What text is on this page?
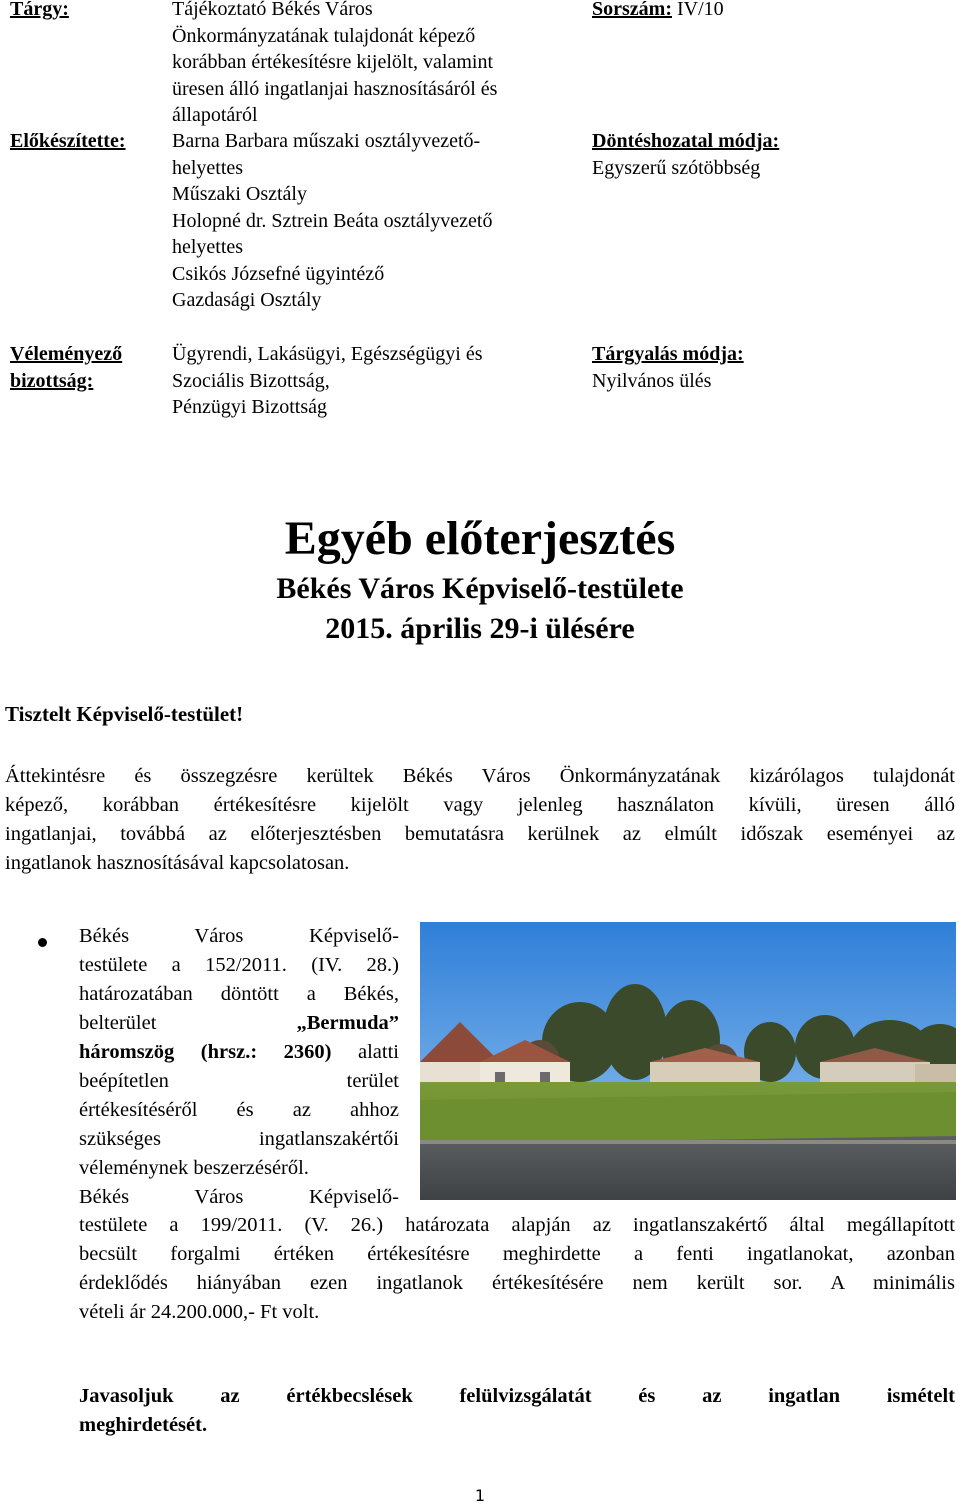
Tárgy:	Tájékoztató Békés Város
Önkormányzatának tulajdonát képező
korábban értékesítésre kijelölt, valamint
üresen álló ingatlanjai hasznosításáról és
állapotáról
Sorszám: IV/10
Előkészítette:	Barna Barbara műszaki osztályvezető-
helyettes
Műszaki Osztály
Holopné dr. Sztrein Beáta osztályvezető
helyettes
Csikós Józsefné ügyintéző
Gazdasági Osztály
Döntéshozatal módja:
Egyszerű szótöbbség
Véleményező
bizottság:
Ügyrendi, Lakásügyi, Egészségügyi és
Szociális Bizottság,
Pénzügyi Bizottság
Tárgyalás módja:
Nyilvános ülés
Egyéb előterjesztés
Békés Város Képviselő-testülete
2015. április 29-i ülésére
Tisztelt Képviselő-testület!
Áttekintésre és összegzésre kerültek Békés Város Önkormányzatának kizárólagos tulajdonát
képező, korábban értékesítésre kijelölt vagy jelenleg használaton kívüli, üresen álló
ingatlanjai, továbbá az előterjesztésben bemutatásra kerülnek az elmúlt időszak eseményei az
ingatlanok hasznosításával kapcsolatosan.
Békés Város Képviselő-
testülete a 152/2011. (IV. 28.)
határozatában döntött a Békés,
belterület	„Bermuda”
háromszög (hrsz.: 2360) alatti
beépítetlen terület
értékesítéséről és az ahhoz
szükséges ingatlanszakértői
véleménynek beszerzéséről.
Békés Város Képviselő-
testülete a 199/2011. (V. 26.) határozata alapján az ingatlanszakértő által megállapított
becsült forgalmi értéken értékesítésre meghirdette a fenti ingatlanokat, azonban
érdeklődés hiányában ezen ingatlanok értékesítésére nem került sor. A minimális
vételi ár 24.200.000,- Ft volt.
Javasoljuk az értékbecslések felülvizsgálatát és az ingatlan ismételt
meghirdetését.
1
